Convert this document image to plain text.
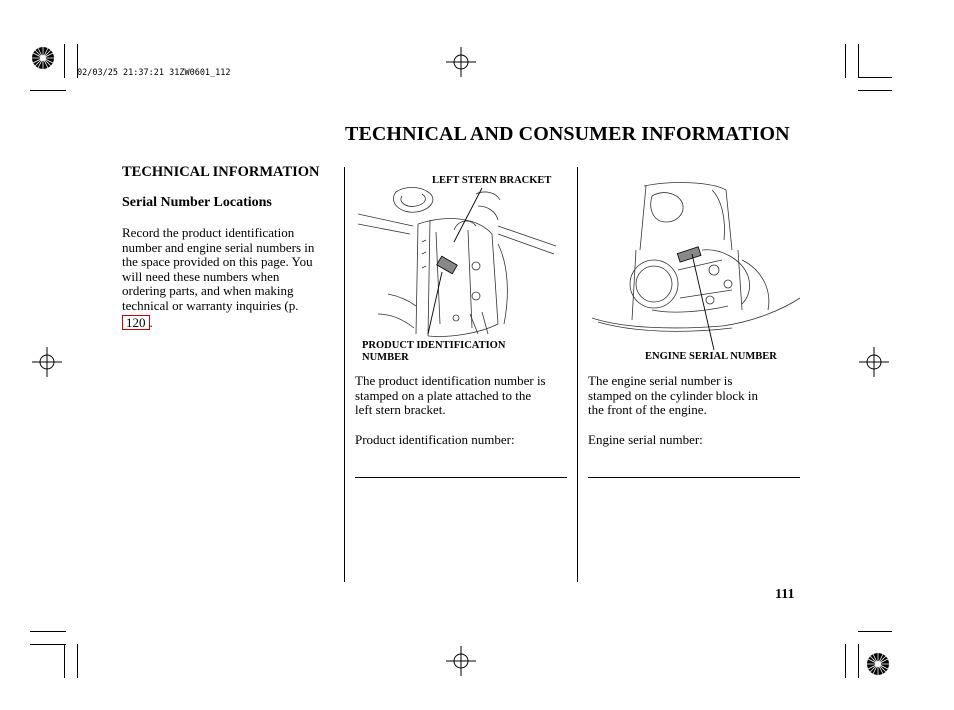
02/03/25 21:37:21 31ZW0601_112
TECHNICAL AND CONSUMER INFORMATION
TECHNICAL INFORMATION
Serial Number Locations
Record the product identification
number and engine serial numbers in
the space provided on this page. You
will need these numbers when
ordering parts, and when making
technical or warranty inquiries (p.
120 .
LEFT STERN BRACKET
PRODUCT IDENTIFICATION
NUMBER
The product identification number is
stamped on a plate attached to the
left stern bracket.
Product identification number:
ENGINE SERIAL NUMBER
The engine serial number is
stamped on the cylinder block in
the front of the engine.
Engine serial number:
111
